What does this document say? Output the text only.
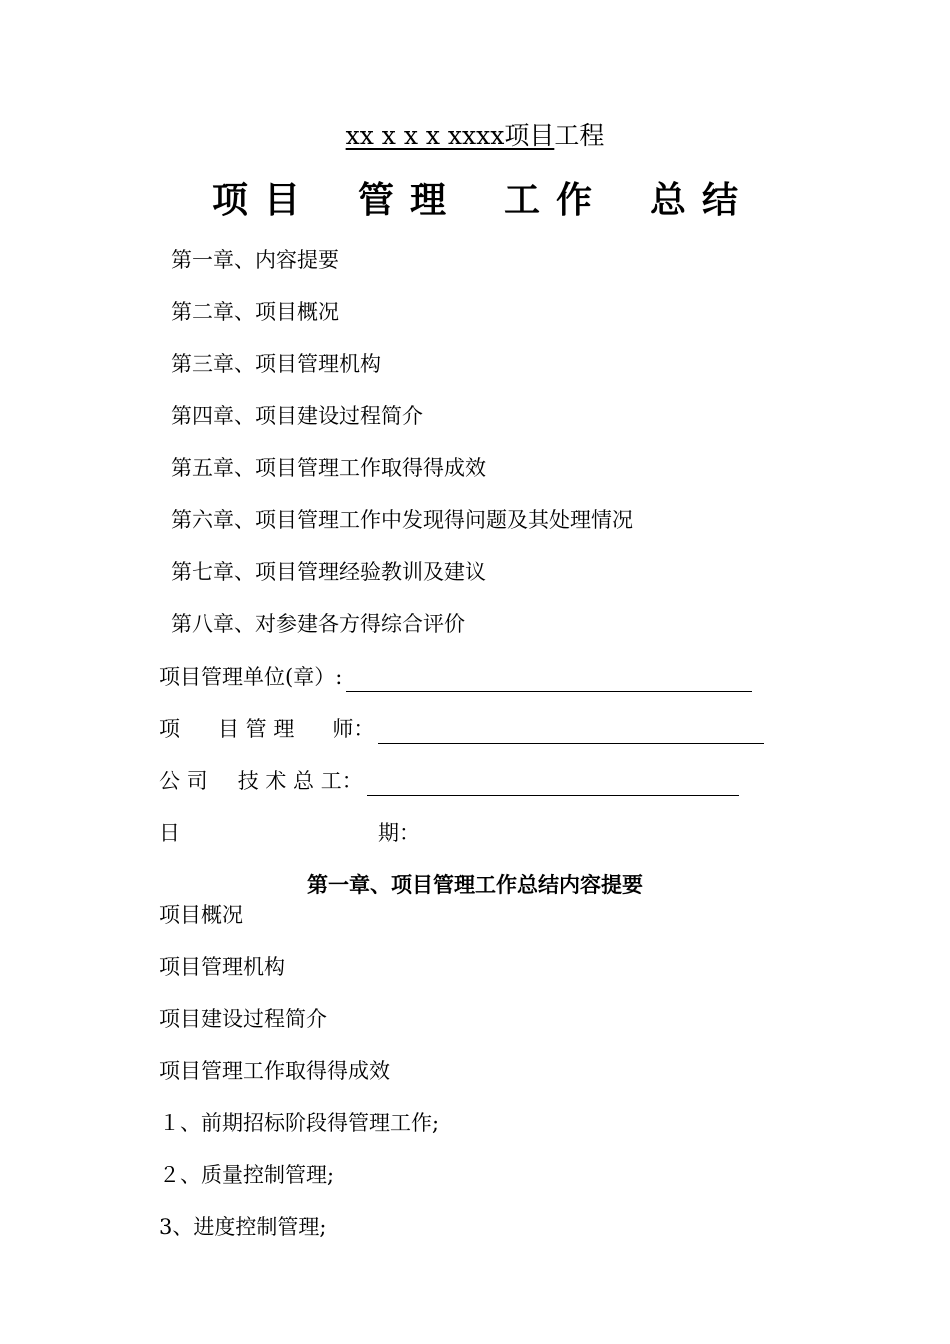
xx x x x xxxx项目工程
项 目 管 理 工 作 总 结
第一章、内容提要
第二章、项目概况
第三章、项目管理机构
第四章、项目建设过程简介
第五章、项目管理工作取得得成效
第六章、项目管理工作中发现得问题及其处理情况
第七章、项目管理经验教训及建议
第八章、对参建各方得综合评价
项目管理单位(章）:
项 目 管 理 师：
公 司 技 术 总 工：
日	期：
第一章、项目管理工作总结内容提要
项目概况
项目管理机构
项目建设过程简介
项目管理工作取得得成效
１、前期招标阶段得管理工作;
２、质量控制管理;
3、进度控制管理;
